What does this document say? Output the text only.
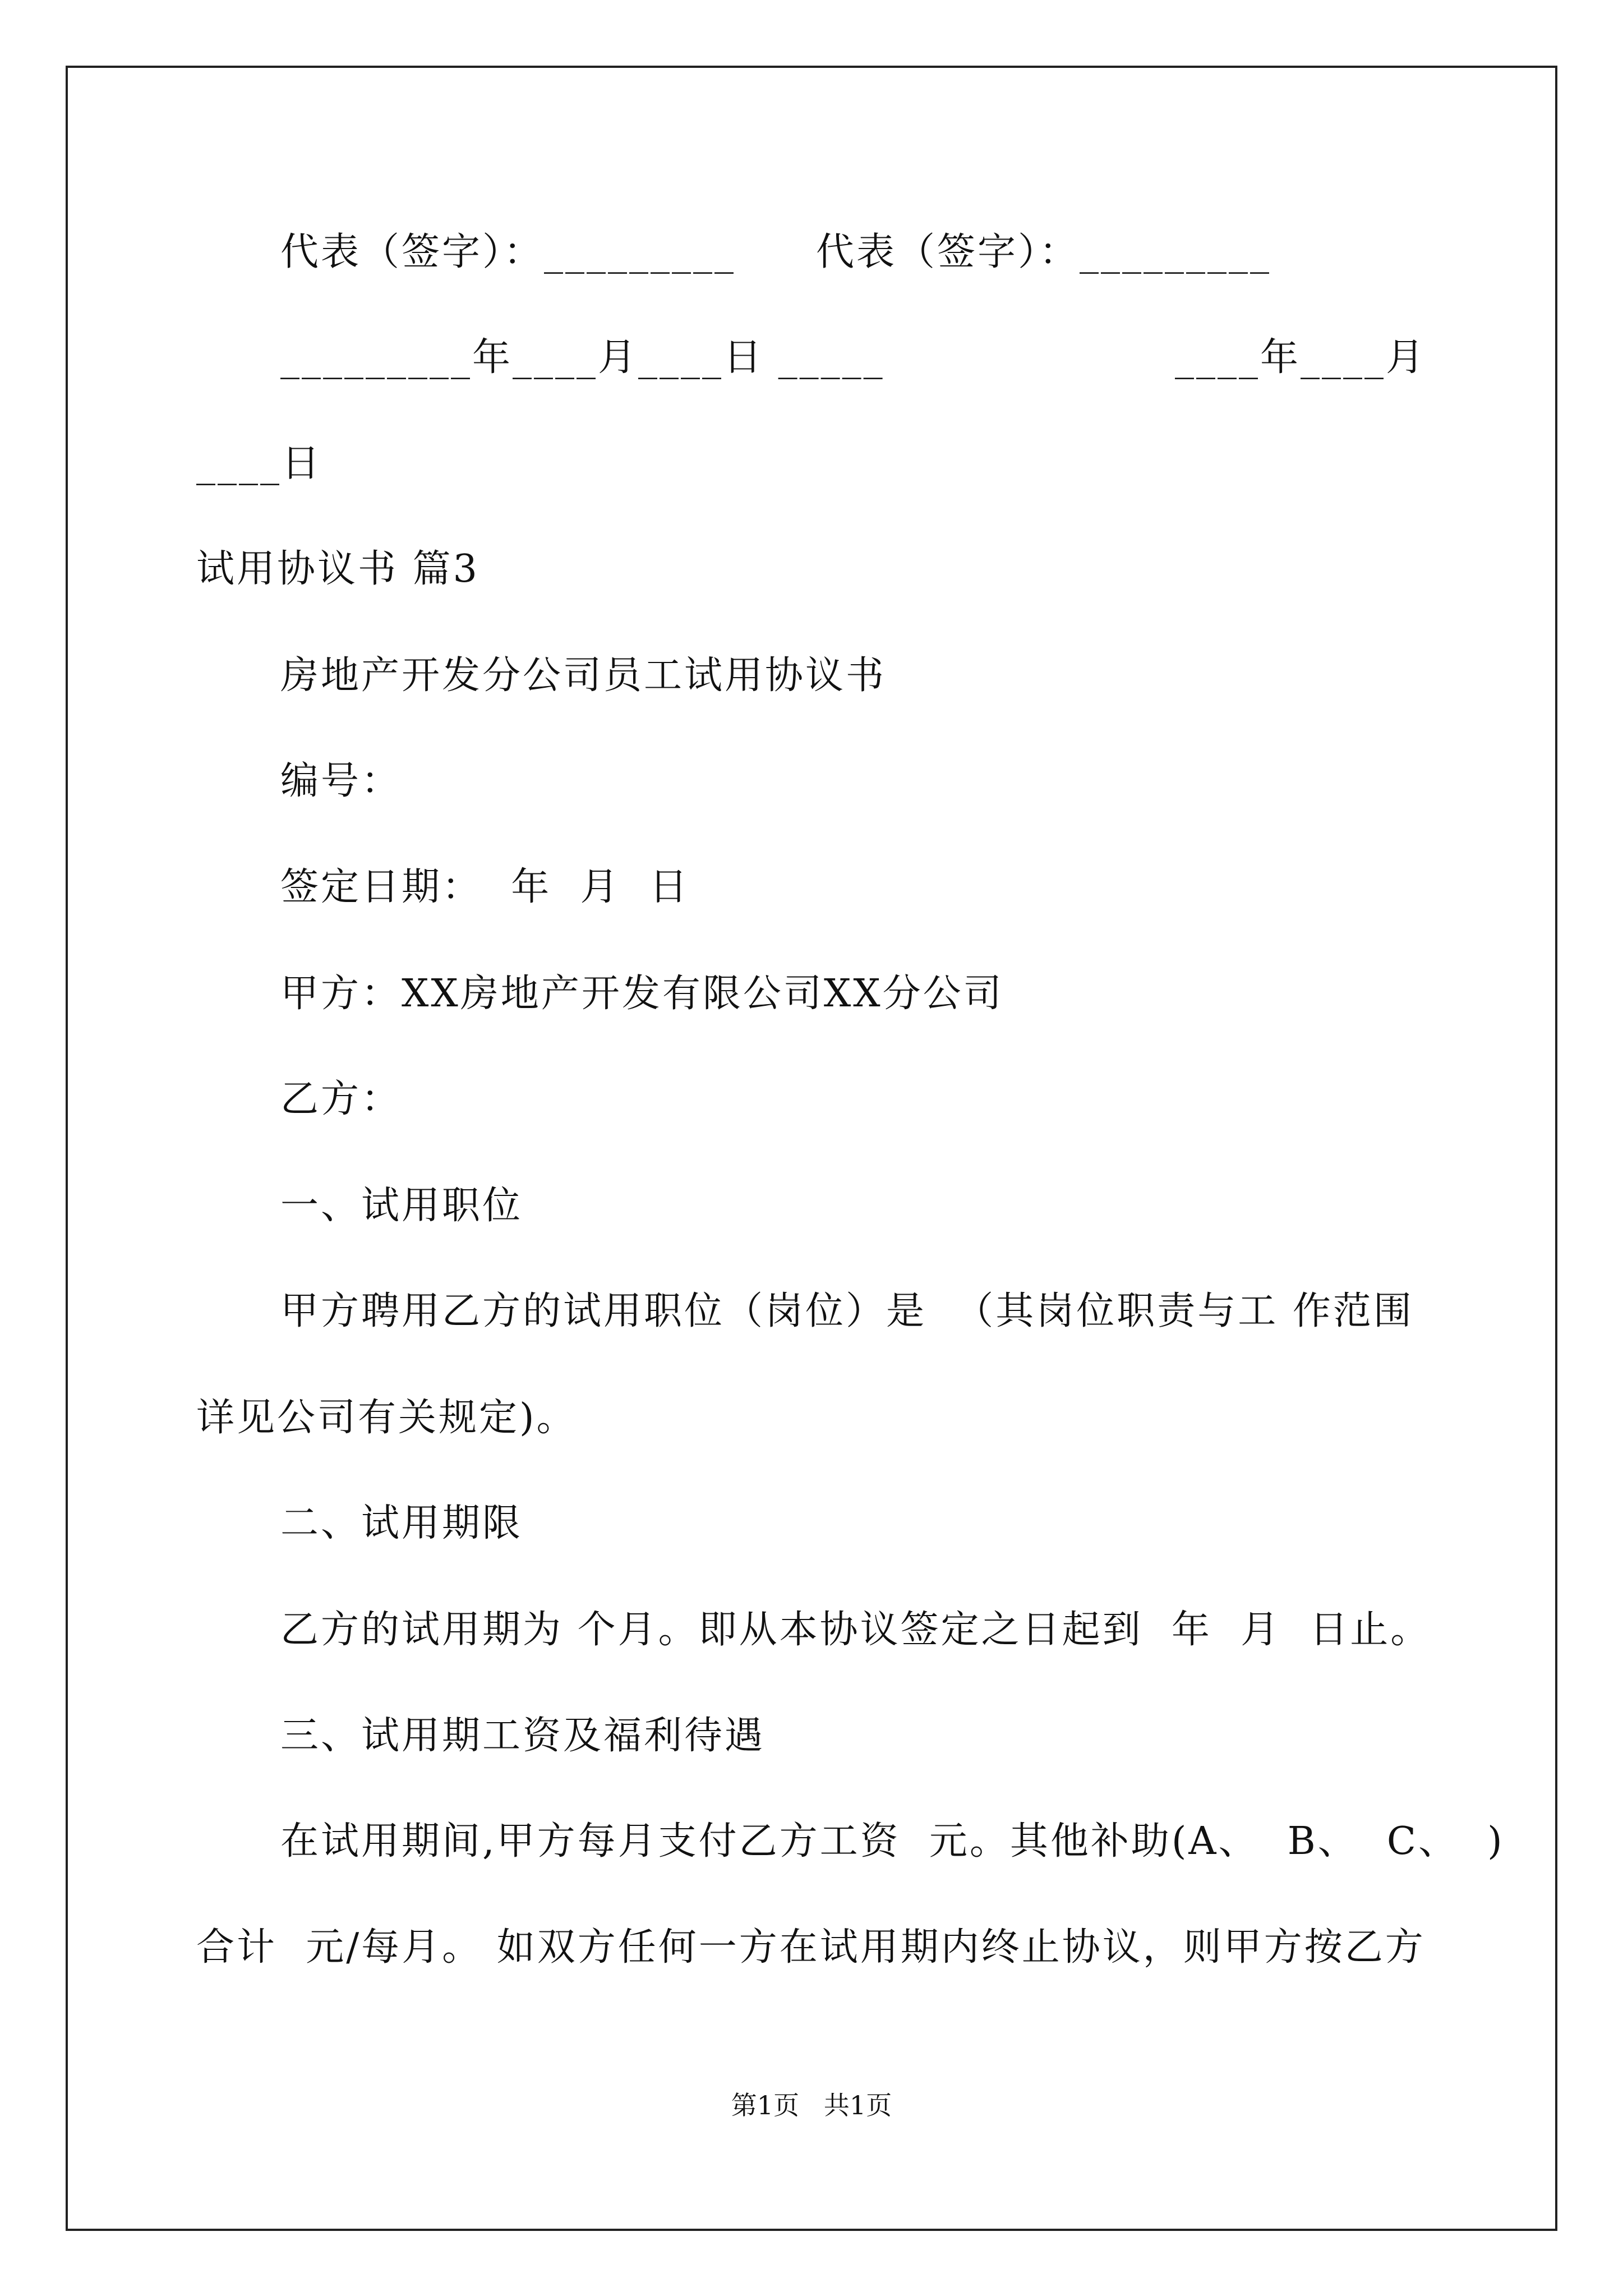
代表（签字）：_________ 代表（签字）：_________
_________年____月____日 _____	____年____月
____日
试用协议书 篇3
房地产开发分公司员工试用协议书
编号：
签定日期：  年  月  日
甲方：XX房地产开发有限公司XX分公司
乙方：
一、试用职位
甲方聘用乙方的试用职位（岗位）是  （其岗位职责与工 作范围
详见公司有关规定)。
二、试用期限
乙方的试用期为 个月。即从本协议签定之日起到  年  月  日止。
三、试用期工资及福利待遇
在试用期间,甲方每月支付乙方工资  元。其他补助(A、  B、  C、  )
合计  元/每月。 如双方任何一方在试用期内终止协议，则甲方按乙方
第1页   共1页
